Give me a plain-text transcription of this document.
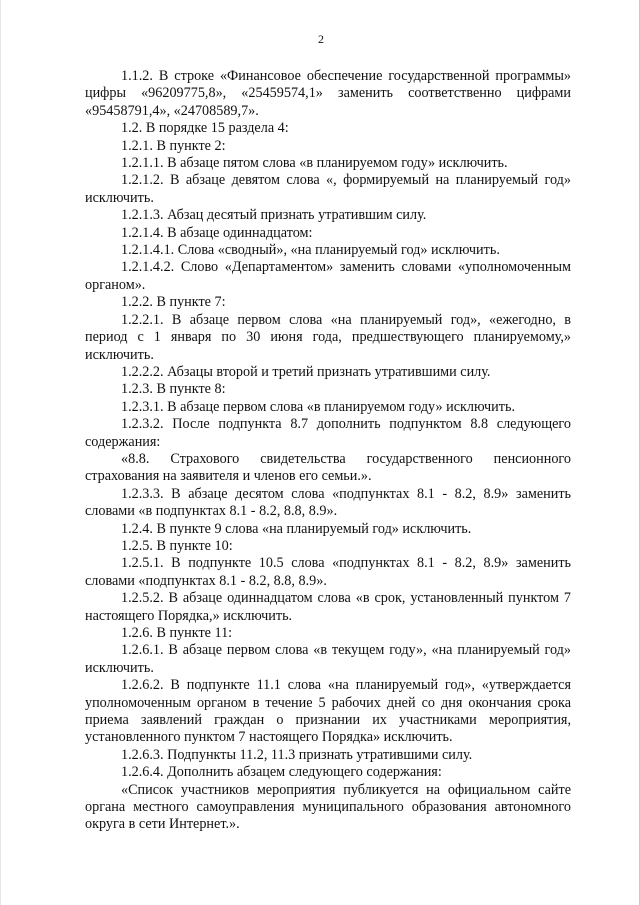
2

1.1.2. В строке «Финансовое обеспечение государственной программы» цифры «96209775,8», «25459574,1» заменить соответственно цифрами «95458791,4», «24708589,7».

1.2. В порядке 15 раздела 4:

1.2.1. В пункте 2:

1.2.1.1. В абзаце пятом слова «в планируемом году» исключить.

1.2.1.2. В абзаце девятом слова «, формируемый на планируемый год» исключить.

1.2.1.3. Абзац десятый признать утратившим силу.

1.2.1.4. В абзаце одиннадцатом:

1.2.1.4.1. Слова «сводный», «на планируемый год» исключить.

1.2.1.4.2. Слово «Департаментом» заменить словами «уполномоченным органом».

1.2.2. В пункте 7:

1.2.2.1. В абзаце первом слова «на планируемый год», «ежегодно, в период с 1 января по 30 июня года, предшествующего планируемому,» исключить.

1.2.2.2. Абзацы второй и третий признать утратившими силу.

1.2.3. В пункте 8:

1.2.3.1. В абзаце первом слова «в планируемом году» исключить.

1.2.3.2. После подпункта 8.7 дополнить подпунктом 8.8 следующего содержания:

«8.8. Страхового свидетельства государственного пенсионного страхования на заявителя и членов его семьи.».

1.2.3.3. В абзаце десятом слова «подпунктах 8.1 - 8.2, 8.9» заменить словами «в подпунктах 8.1 - 8.2, 8.8, 8.9».

1.2.4. В пункте 9 слова «на планируемый год» исключить.

1.2.5. В пункте 10:

1.2.5.1. В подпункте 10.5 слова «подпунктах 8.1 - 8.2, 8.9» заменить словами «подпунктах 8.1 - 8.2, 8.8, 8.9».

1.2.5.2. В абзаце одиннадцатом слова «в срок, установленный пунктом 7 настоящего Порядка,» исключить.

1.2.6. В пункте 11:

1.2.6.1. В абзаце первом слова «в текущем году», «на планируемый год» исключить.

1.2.6.2. В подпункте 11.1 слова «на планируемый год», «утверждается уполномоченным органом в течение 5 рабочих дней со дня окончания срока приема заявлений граждан о признании их участниками мероприятия, установленного пунктом 7 настоящего Порядка» исключить.

1.2.6.3. Подпункты 11.2, 11.3 признать утратившими силу.

1.2.6.4. Дополнить абзацем следующего содержания:

«Список участников мероприятия публикуется на официальном сайте органа местного самоуправления муниципального образования автономного округа в сети Интернет.».
